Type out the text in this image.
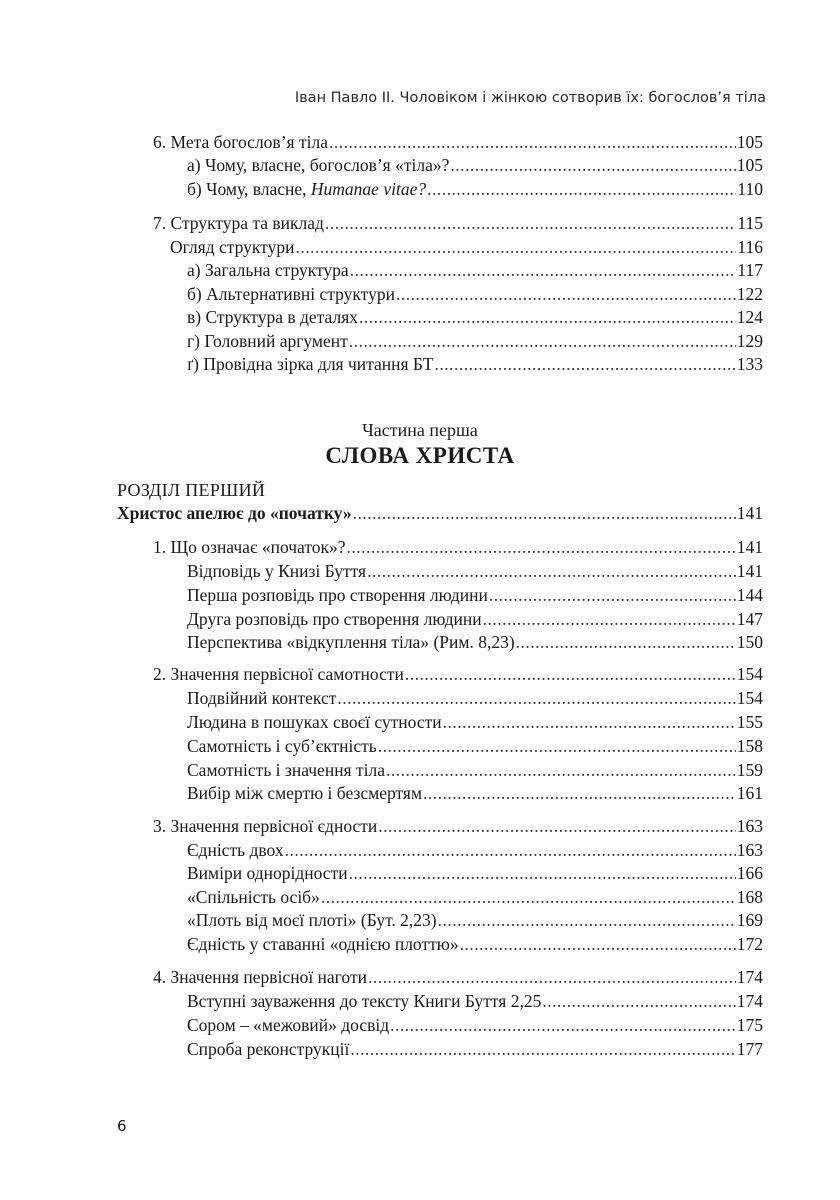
Іван Павло ІІ. Чоловіком і жінкою сотворив їх: богослов’я тіла
6. Мета богослов’я тіла .....	105
а) Чому, власне, богослов’я «тіла»? .....	105
б) Чому, власне, Humanae vitae? .....	110
7. Структура та виклад .....	115
Огляд структури .....	116
а) Загальна структура .....	117
б) Альтернативні структури .....	122
в) Структура в деталях .....	124
г) Головний аргумент .....	129
ґ) Провідна зірка для читання БТ .....	133
Частина перша
СЛОВА ХРИСТА
РОЗДІЛ ПЕРШИЙ
Христос апелює до «початку» .....	141
1. Що означає «початок»? .....	141
Відповідь у Книзі Буття .....	141
Перша розповідь про створення людини .....	144
Друга розповідь про створення людини .....	147
Перспектива «відкуплення тіла» (Рим. 8,23) .....	150
2. Значення первісної самотности .....	154
Подвійний контекст .....	154
Людина в пошуках своєї сутности .....	155
Самотність і суб’єктність .....	158
Самотність і значення тіла .....	159
Вибір між смертю і безсмертям .....	161
3. Значення первісної єдности .....	163
Єдність двох .....	163
Виміри однорідности .....	166
«Спільність осіб» .....	168
«Плоть від моєї плоті» (Бут. 2,23) .....	169
Єдність у ставанні «однією плоттю» .....	172
4. Значення первісної наготи .....	174
Вступні зауваження до тексту Книги Буття 2,25 .....	174
Сором – «межовий» досвід .....	175
Спроба реконструкції .....	177
6
